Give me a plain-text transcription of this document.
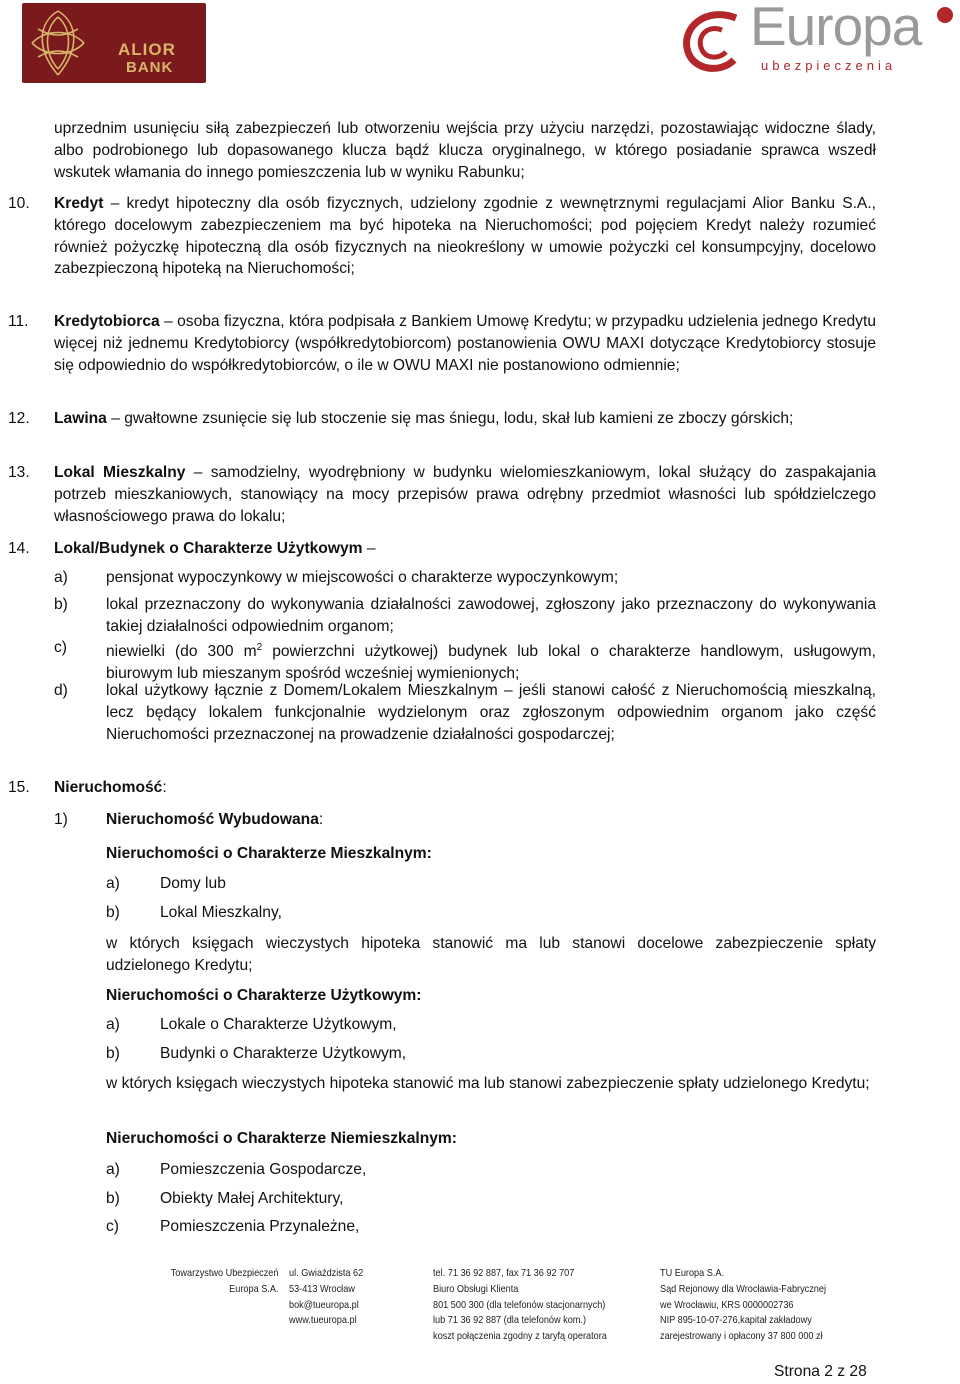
ALIOR
BANK
Europa
ubezpieczenia
uprzednim usunięciu siłą zabezpieczeń lub otworzeniu wejścia przy użyciu narzędzi, pozostawiając widoczne ślady, albo podrobionego lub dopasowanego klucza bądź klucza oryginalnego, w którego posiadanie sprawca wszedł wskutek włamania do innego pomieszczenia lub w wyniku Rabunku;
10. Kredyt – kredyt hipoteczny dla osób fizycznych, udzielony zgodnie z wewnętrznymi regulacjami Alior Banku S.A., którego docelowym zabezpieczeniem ma być hipoteka na Nieruchomości; pod pojęciem Kredyt należy rozumieć również pożyczkę hipoteczną dla osób fizycznych na nieokreślony w umowie pożyczki cel konsumpcyjny, docelowo zabezpieczoną hipoteką na Nieruchomości;
11. Kredytobiorca – osoba fizyczna, która podpisała z Bankiem Umowę Kredytu; w przypadku udzielenia jednego Kredytu więcej niż jednemu Kredytobiorcy (współkredytobiorcom) postanowienia OWU MAXI dotyczące Kredytobiorcy stosuje się odpowiednio do współkredytobiorców, o ile w OWU MAXI nie postanowiono odmiennie;
12. Lawina – gwałtowne zsunięcie się lub stoczenie się mas śniegu, lodu, skał lub kamieni ze zboczy górskich;
13. Lokal Mieszkalny – samodzielny, wyodrębniony w budynku wielomieszkaniowym, lokal służący do zaspakajania potrzeb mieszkaniowych, stanowiący na mocy przepisów prawa odrębny przedmiot własności lub spółdzielczego własnościowego prawa do lokalu;
14. Lokal/Budynek o Charakterze Użytkowym –
a) pensjonat wypoczynkowy w miejscowości o charakterze wypoczynkowym;
b) lokal przeznaczony do wykonywania działalności zawodowej, zgłoszony jako przeznaczony do wykonywania takiej działalności odpowiednim organom;
c)	niewielki (do 300 $m^2$ powierzchni użytkowej) budynek lub lokal o charakterze handlowym, usługowym, biurowym lub mieszanym spośród wcześniej wymienionych;
d) lokal użytkowy łącznie z Domem/Lokalem Mieszkalnym – jeśli stanowi całość z Nieruchomością mieszkalną, lecz będący lokalem funkcjonalnie wydzielonym oraz zgłoszonym odpowiednim organom jako część Nieruchomości przeznaczonej na prowadzenie działalności gospodarczej;
15. Nieruchomość:
1) Nieruchomość Wybudowana:
Nieruchomości o Charakterze Mieszkalnym:
a)	Domy lub
b)	Lokal Mieszkalny,
w których księgach wieczystych hipoteka stanowić ma lub stanowi docelowe zabezpieczenie spłaty udzielonego Kredytu;
Nieruchomości o Charakterze Użytkowym:
a)	Lokale o Charakterze Użytkowym,
b)	Budynki o Charakterze Użytkowym,
w których księgach wieczystych hipoteka stanowić ma lub stanowi zabezpieczenie spłaty udzielonego Kredytu;
Nieruchomości o Charakterze Niemieszkalnym:
a)	Pomieszczenia Gospodarcze,
b)	Obiekty Małej Architektury,
c)	Pomieszczenia Przynależne,
Towarzystwo Ubezpieczeń
Europa S.A.
ul. Gwiaździsta 62
53-413 Wrocław
bok@tueuropa.pl
www.tueuropa.pl
tel. 71 36 92 887, fax 71 36 92 707
Biuro Obsługi Klienta
801 500 300 (dla telefonów stacjonarnych)
lub 71 36 92 887 (dla telefonów kom.)
koszt połączenia zgodny z taryfą operatora
TU Europa S.A.
Sąd Rejonowy dla Wrocławia-Fabrycznej
we Wrocławiu, KRS 0000002736
NIP 895-10-07-276,kapitał zakładowy
zarejestrowany i opłacony 37 800 000 zł
Strona 2 z 28
